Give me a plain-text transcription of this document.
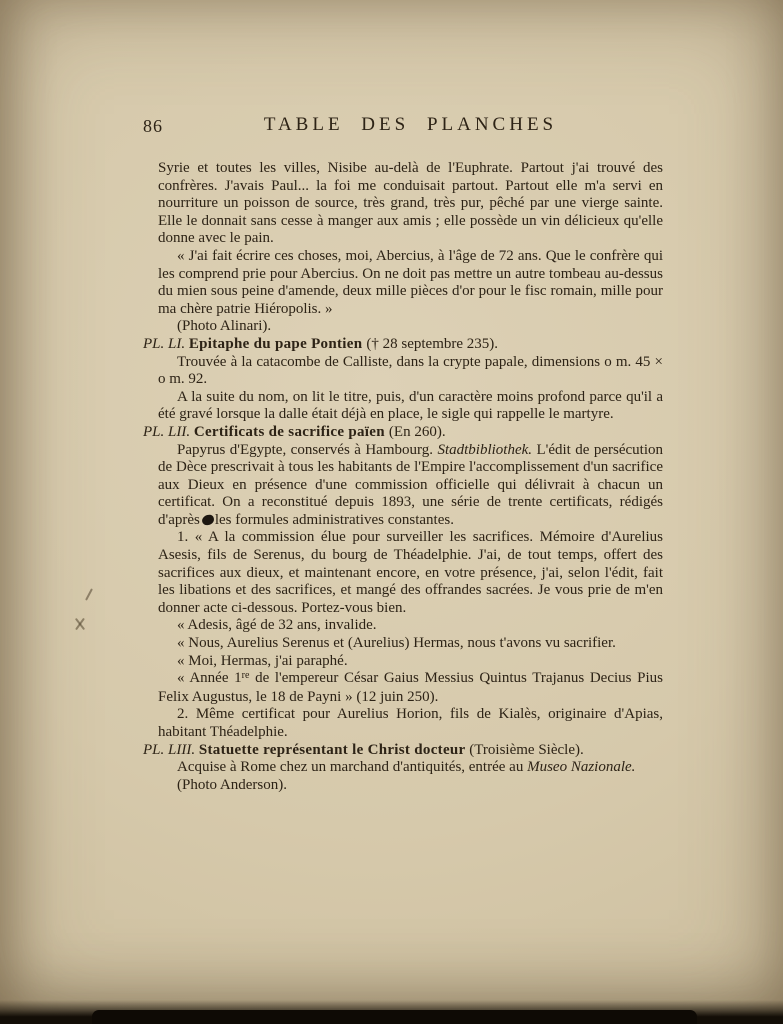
86	TABLE DES PLANCHES

Syrie et toutes les villes, Nisibe au-delà de l'Euphrate. Partout j'ai trouvé des confrères. J'avais Paul... la foi me conduisait partout. Partout elle m'a servi en nourriture un poisson de source, très grand, très pur, pêché par une vierge sainte. Elle le donnait sans cesse à manger aux amis ; elle possède un vin délicieux qu'elle donne avec le pain.

« J'ai fait écrire ces choses, moi, Abercius, à l'âge de 72 ans. Que le confrère qui les comprend prie pour Abercius. On ne doit pas mettre un autre tombeau au-dessus du mien sous peine d'amende, deux mille pièces d'or pour le fisc romain, mille pour ma chère patrie Hiéropolis. »

(Photo Alinari).

PL. LI. Epitaphe du pape Pontien († 28 septembre 235).

Trouvée à la catacombe de Calliste, dans la crypte papale, dimensions o m. 45 × o m. 92.

A la suite du nom, on lit le titre, puis, d'un caractère moins profond parce qu'il a été gravé lorsque la dalle était déjà en place, le sigle qui rappelle le martyre.

PL. LII. Certificats de sacrifice païen (En 260).

Papyrus d'Egypte, conservés à Hambourg. Stadtbibliothek. L'édit de persécution de Dèce prescrivait à tous les habitants de l'Empire l'accomplissement d'un sacrifice aux Dieux en présence d'une commission officielle qui délivrait à chacun un certificat. On a reconstitué depuis 1893, une série de trente certificats, rédigés d'après les formules administratives constantes.

1. « A la commission élue pour surveiller les sacrifices. Mémoire d'Aurelius Asesis, fils de Serenus, du bourg de Théadelphie. J'ai, de tout temps, offert des sacrifices aux dieux, et maintenant encore, en votre présence, j'ai, selon l'édit, fait les libations et des sacrifices, et mangé des offrandes sacrées. Je vous prie de m'en donner acte ci-dessous. Portez-vous bien.

« Adesis, âgé de 32 ans, invalide.

« Nous, Aurelius Serenus et (Aurelius) Hermas, nous t'avons vu sacrifier.

« Moi, Hermas, j'ai paraphé.

« Année 1re de l'empereur César Gaius Messius Quintus Trajanus Decius Pius Felix Augustus, le 18 de Payni » (12 juin 250).

2. Même certificat pour Aurelius Horion, fils de Kialès, originaire d'Apias, habitant Théadelphie.

PL. LIII. Statuette représentant le Christ docteur (Troisième Siècle).

Acquise à Rome chez un marchand d'antiquités, entrée au Museo Nazionale.

(Photo Anderson).
